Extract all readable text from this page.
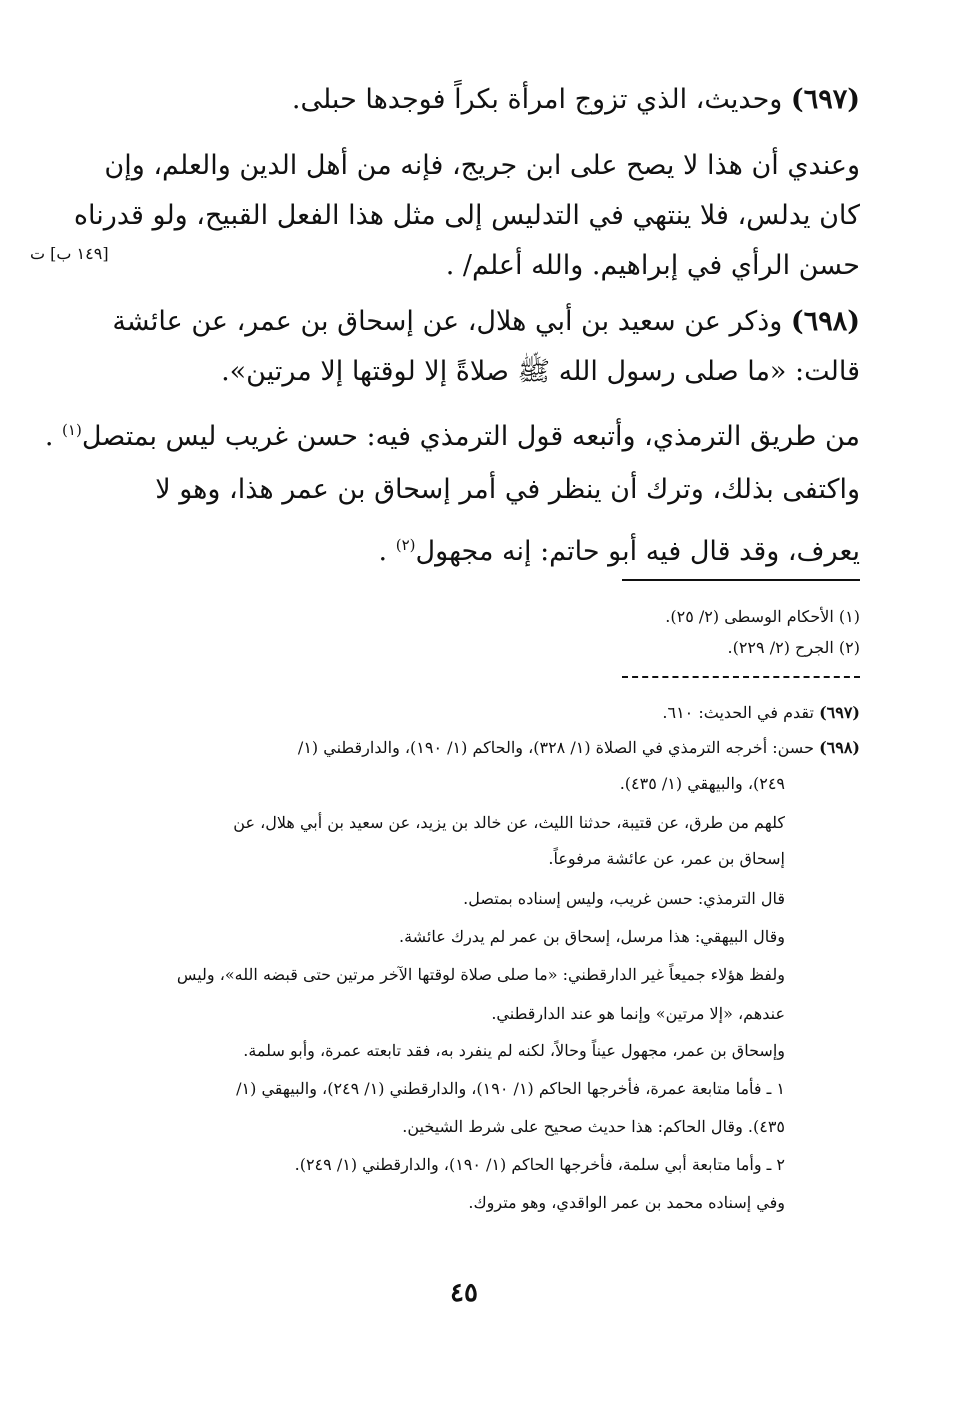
(٦٩٧) وحديث، الذي تزوج امرأة بكراً فوجدها حبلى.
وعندي أن هذا لا يصح على ابن جريج، فإنه من أهل الدين والعلم، وإن
كان يدلس، فلا ينتهي في التدليس إلى مثل هذا الفعل القبيح، ولو قدرناه
حسن الرأي في إبراهيم. والله أعلم/ .
(٦٩٨) وذكر عن سعيد بن أبي هلال، عن إسحاق بن عمر، عن عائشة
قالت: «ما صلى رسول الله ﷺ صلاةً إلا لوقتها إلا مرتين».
من طريق الترمذي، وأتبعه قول الترمذي فيه: حسن غريب ليس بمتصل$^{(١)}$ .
واكتفى بذلك، وترك أن ينظر في أمر إسحاق بن عمر هذا، وهو لا
يعرف، وقد قال فيه أبو حاتم: إنه مجهول$^{(٢)}$ .
[١٤٩ ب] ت
(١) الأحكام الوسطى (٢/ ٢٥).
(٢) الجرح (٢/ ٢٢٩).
(٦٩٧) تقدم في الحديث: ٦١٠.
(٦٩٨) حسن: أخرجه الترمذي في الصلاة (١/ ٣٢٨)، والحاكم (١/ ١٩٠)، والدارقطني (١/
٢٤٩)، والبيهقي (١/ ٤٣٥).
كلهم من طرق، عن قتيبة، حدثنا الليث، عن خالد بن يزيد، عن سعيد بن أبي هلال، عن
إسحاق بن عمر، عن عائشة مرفوعاً.
قال الترمذي: حسن غريب، وليس إسناده بمتصل.
وقال البيهقي: هذا مرسل، إسحاق بن عمر لم يدرك عائشة.
ولفظ هؤلاء جميعاً غير الدارقطني: «ما صلى صلاة لوقتها الآخر مرتين حتى قبضه الله»، وليس
عندهم، «إلا مرتين» وإنما هو عند الدارقطني.
وإسحاق بن عمر، مجهول عيناً وحالاً، لكنه لم ينفرد به، فقد تابعته عمرة، وأبو سلمة.
١ ـ فأما متابعة عمرة، فأخرجها الحاكم (١/ ١٩٠)، والدارقطني (١/ ٢٤٩)، والبيهقي (١/
٤٣٥). وقال الحاكم: هذا حديث صحيح على شرط الشيخين.
٢ ـ وأما متابعة أبي سلمة، فأخرجها الحاكم (١/ ١٩٠)، والدارقطني (١/ ٢٤٩).
وفي إسناده محمد بن عمر الواقدي، وهو متروك.
٤٥
